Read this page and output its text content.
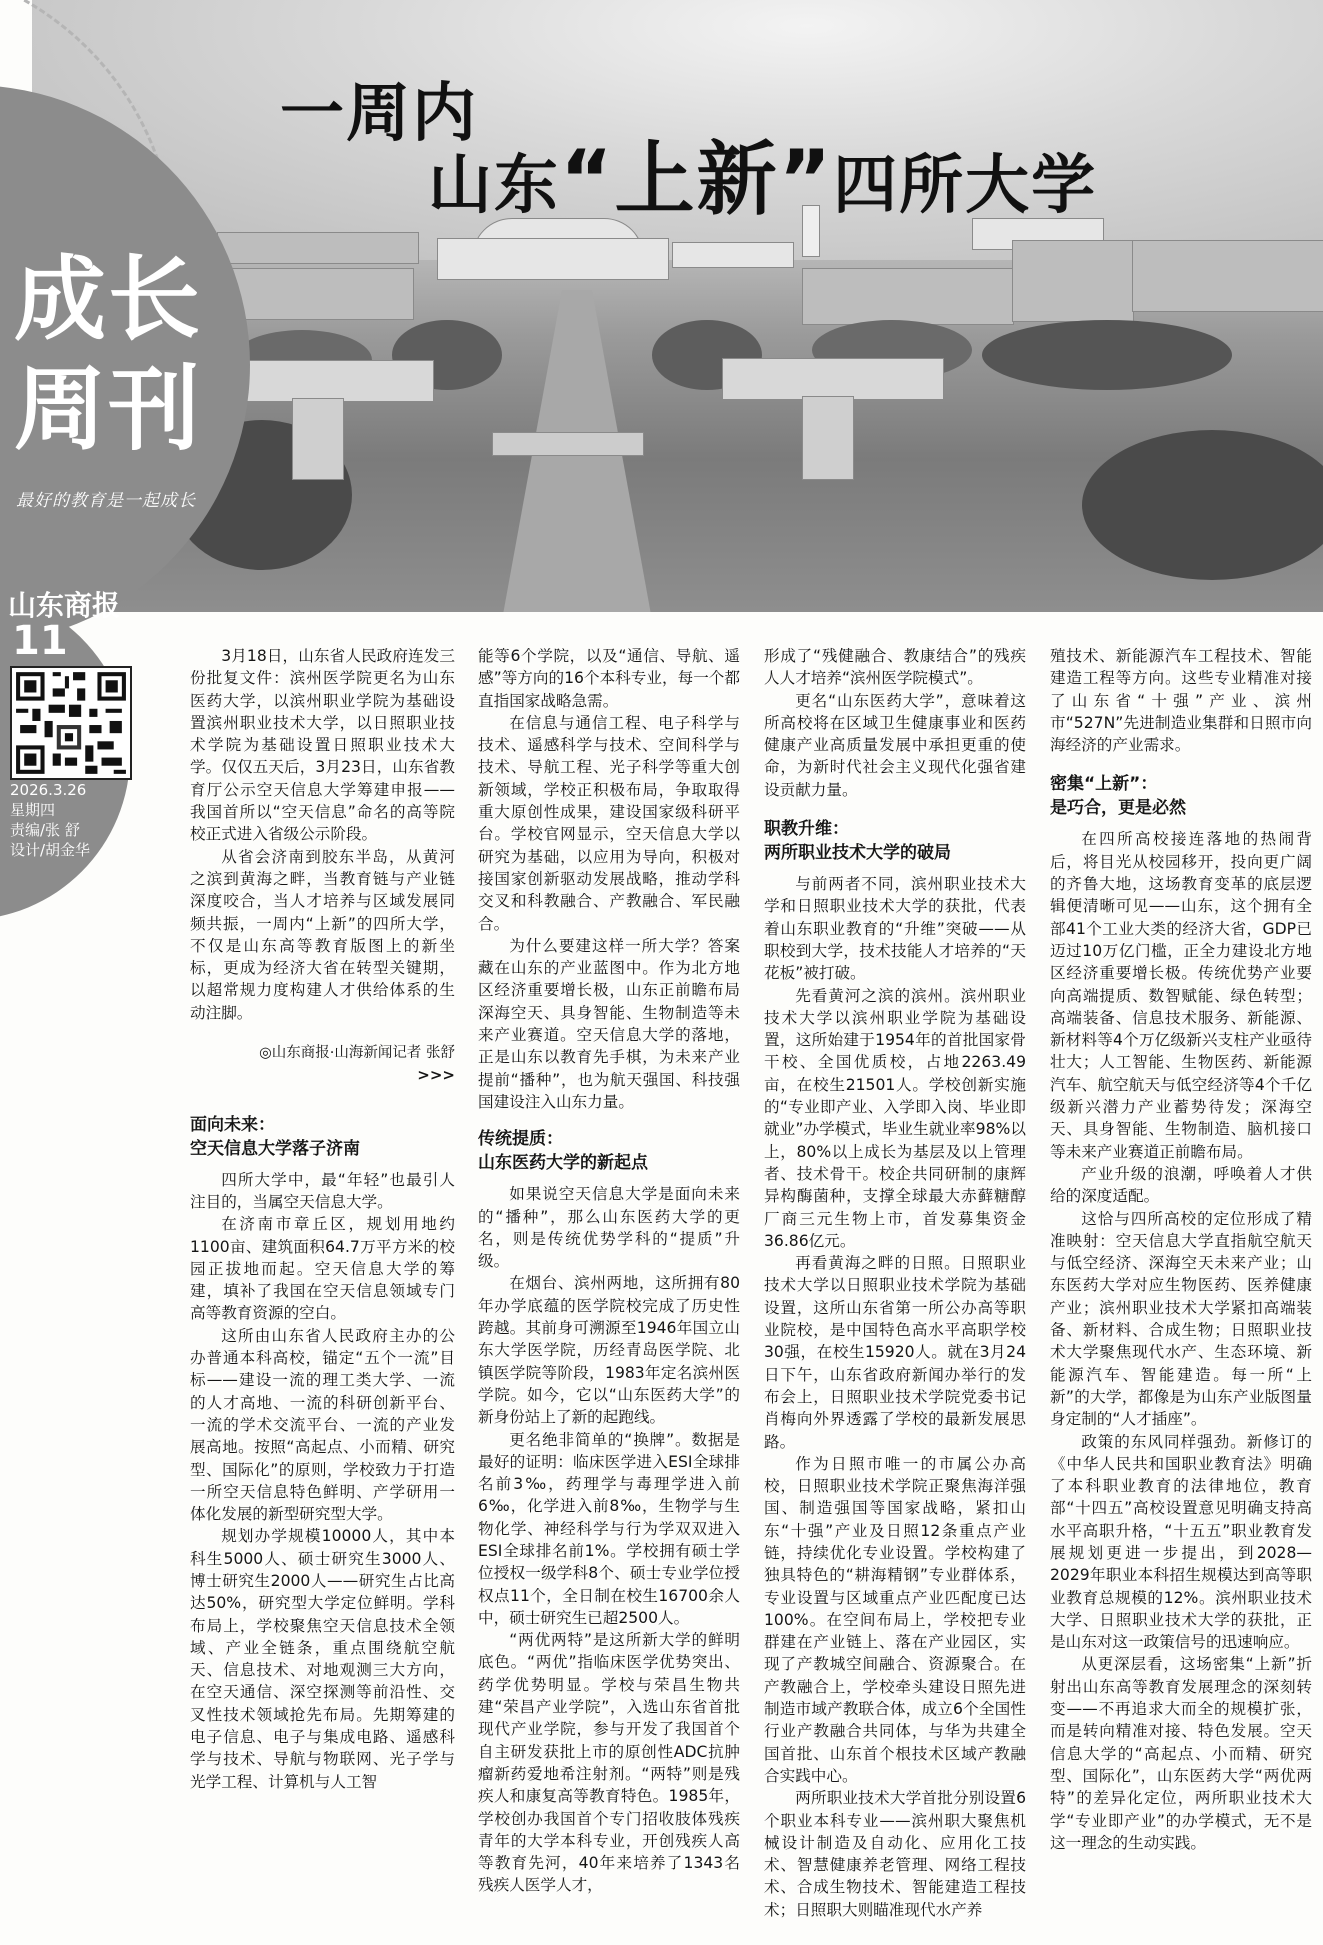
一周内
山东“上新”四所大学
成长
周刊
最好的教育是一起成长
山东商报
11
2026.3.26
星期四
责编/张 舒
设计/胡金华

3月18日，山东省人民政府连发三份批复文件：滨州医学院更名为山东医药大学，以滨州职业学院为基础设置滨州职业技术大学，以日照职业技术学院为基础设置日照职业技术大学。仅仅五天后，3月23日，山东省教育厅公示空天信息大学筹建申报——我国首所以“空天信息”命名的高等院校正式进入省级公示阶段。

从省会济南到胶东半岛，从黄河之滨到黄海之畔，当教育链与产业链深度咬合，当人才培养与区域发展同频共振，一周内“上新”的四所大学，不仅是山东高等教育版图上的新坐标，更成为经济大省在转型关键期，以超常规力度构建人才供给体系的生动注脚。

◎山东商报·山海新闻记者 张舒
>>>
面向未来：
空天信息大学落子济南

四所大学中，最“年轻”也最引人注目的，当属空天信息大学。

在济南市章丘区，规划用地约1100亩、建筑面积64.7万平方米的校园正拔地而起。空天信息大学的筹建，填补了我国在空天信息领域专门高等教育资源的空白。

这所由山东省人民政府主办的公办普通本科高校，锚定“五个一流”目标——建设一流的理工类大学、一流的人才高地、一流的科研创新平台、一流的学术交流平台、一流的产业发展高地。按照“高起点、小而精、研究型、国际化”的原则，学校致力于打造一所空天信息特色鲜明、产学研用一体化发展的新型研究型大学。

规划办学规模10000人，其中本科生5000人、硕士研究生3000人、博士研究生2000人——研究生占比高达50%，研究型大学定位鲜明。学科布局上，学校聚焦空天信息技术全领域、产业全链条，重点围绕航空航天、信息技术、对地观测三大方向，在空天通信、深空探测等前沿性、交叉性技术领域抢先布局。先期筹建的电子信息、电子与集成电路、遥感科学与技术、导航与物联网、光子学与光学工程、计算机与人工智

能等6个学院，以及“通信、导航、遥感”等方向的16个本科专业，每一个都直指国家战略急需。

在信息与通信工程、电子科学与技术、遥感科学与技术、空间科学与技术、导航工程、光子科学等重大创新领域，学校正积极布局，争取取得重大原创性成果，建设国家级科研平台。学校官网显示，空天信息大学以研究为基础，以应用为导向，积极对接国家创新驱动发展战略，推动学科交叉和科教融合、产教融合、军民融合。

为什么要建这样一所大学？答案藏在山东的产业蓝图中。作为北方地区经济重要增长极，山东正前瞻布局深海空天、具身智能、生物制造等未来产业赛道。空天信息大学的落地，正是山东以教育先手棋，为未来产业提前“播种”，也为航天强国、科技强国建设注入山东力量。

传统提质：
山东医药大学的新起点

如果说空天信息大学是面向未来的“播种”，那么山东医药大学的更名，则是传统优势学科的“提质”升级。

在烟台、滨州两地，这所拥有80年办学底蕴的医学院校完成了历史性跨越。其前身可溯源至1946年国立山东大学医学院，历经青岛医学院、北镇医学院等阶段，1983年定名滨州医学院。如今，它以“山东医药大学”的新身份站上了新的起跑线。

更名绝非简单的“换牌”。数据是最好的证明：临床医学进入ESI全球排名前3‰，药理学与毒理学进入前6‰，化学进入前8‰，生物学与生物化学、神经科学与行为学双双进入ESI全球排名前1%。学校拥有硕士学位授权一级学科8个、硕士专业学位授权点11个，全日制在校生16700余人中，硕士研究生已超2500人。

“两优两特”是这所新大学的鲜明底色。“两优”指临床医学优势突出、药学优势明显。学校与荣昌生物共建“荣昌产业学院”，入选山东省首批现代产业学院，参与开发了我国首个自主研发获批上市的原创性ADC抗肿瘤新药爱地希注射剂。“两特”则是残疾人和康复高等教育特色。1985年，学校创办我国首个专门招收肢体残疾青年的大学本科专业，开创残疾人高等教育先河，40年来培养了1343名残疾人医学人才，

形成了“残健融合、教康结合”的残疾人人才培养“滨州医学院模式”。

更名“山东医药大学”，意味着这所高校将在区域卫生健康事业和医药健康产业高质量发展中承担更重的使命，为新时代社会主义现代化强省建设贡献力量。

职教升维：
两所职业技术大学的破局

与前两者不同，滨州职业技术大学和日照职业技术大学的获批，代表着山东职业教育的“升维”突破——从职校到大学，技术技能人才培养的“天花板”被打破。

先看黄河之滨的滨州。滨州职业技术大学以滨州职业学院为基础设置，这所始建于1954年的首批国家骨干校、全国优质校，占地2263.49亩，在校生21501人。学校创新实施的“专业即产业、入学即入岗、毕业即就业”办学模式，毕业生就业率98%以上，80%以上成长为基层及以上管理者、技术骨干。校企共同研制的康辉异构酶菌种，支撑全球最大赤藓糖醇厂商三元生物上市，首发募集资金36.86亿元。

再看黄海之畔的日照。日照职业技术大学以日照职业技术学院为基础设置，这所山东省第一所公办高等职业院校，是中国特色高水平高职学校30强，在校生15920人。就在3月24日下午，山东省政府新闻办举行的发布会上，日照职业技术学院党委书记肖梅向外界透露了学校的最新发展思路。

作为日照市唯一的市属公办高校，日照职业技术学院正聚焦海洋强国、制造强国等国家战略，紧扣山东“十强”产业及日照12条重点产业链，持续优化专业设置。学校构建了独具特色的“耕海精钢”专业群体系，专业设置与区域重点产业匹配度已达100%。在空间布局上，学校把专业群建在产业链上、落在产业园区，实现了产教城空间融合、资源聚合。在产教融合上，学校牵头建设日照先进制造市域产教联合体，成立6个全国性行业产教融合共同体，与华为共建全国首批、山东首个根技术区域产教融合实践中心。

两所职业技术大学首批分别设置6个职业本科专业——滨州职大聚焦机械设计制造及自动化、应用化工技术、智慧健康养老管理、网络工程技术、合成生物技术、智能建造工程技术；日照职大则瞄准现代水产养

殖技术、新能源汽车工程技术、智能建造工程等方向。这些专业精准对接了山东省“十强”产业、滨州市“527N”先进制造业集群和日照市向海经济的产业需求。

密集“上新”：
是巧合，更是必然

在四所高校接连落地的热闹背后，将目光从校园移开，投向更广阔的齐鲁大地，这场教育变革的底层逻辑便清晰可见——山东，这个拥有全部41个工业大类的经济大省，GDP已迈过10万亿门槛，正全力建设北方地区经济重要增长极。传统优势产业要向高端提质、数智赋能、绿色转型；高端装备、信息技术服务、新能源、新材料等4个万亿级新兴支柱产业亟待壮大；人工智能、生物医药、新能源汽车、航空航天与低空经济等4个千亿级新兴潜力产业蓄势待发；深海空天、具身智能、生物制造、脑机接口等未来产业赛道正前瞻布局。

产业升级的浪潮，呼唤着人才供给的深度适配。

这恰与四所高校的定位形成了精准映射：空天信息大学直指航空航天与低空经济、深海空天未来产业；山东医药大学对应生物医药、医养健康产业；滨州职业技术大学紧扣高端装备、新材料、合成生物；日照职业技术大学聚焦现代水产、生态环境、新能源汽车、智能建造。每一所“上新”的大学，都像是为山东产业版图量身定制的“人才插座”。

政策的东风同样强劲。新修订的《中华人民共和国职业教育法》明确了本科职业教育的法律地位，教育部“十四五”高校设置意见明确支持高水平高职升格，“十五五”职业教育发展规划更进一步提出，到2028—2029年职业本科招生规模达到高等职业教育总规模的12%。滨州职业技术大学、日照职业技术大学的获批，正是山东对这一政策信号的迅速响应。

从更深层看，这场密集“上新”折射出山东高等教育发展理念的深刻转变——不再追求大而全的规模扩张，而是转向精准对接、特色发展。空天信息大学的“高起点、小而精、研究型、国际化”，山东医药大学“两优两特”的差异化定位，两所职业技术大学“专业即产业”的办学模式，无不是这一理念的生动实践。
